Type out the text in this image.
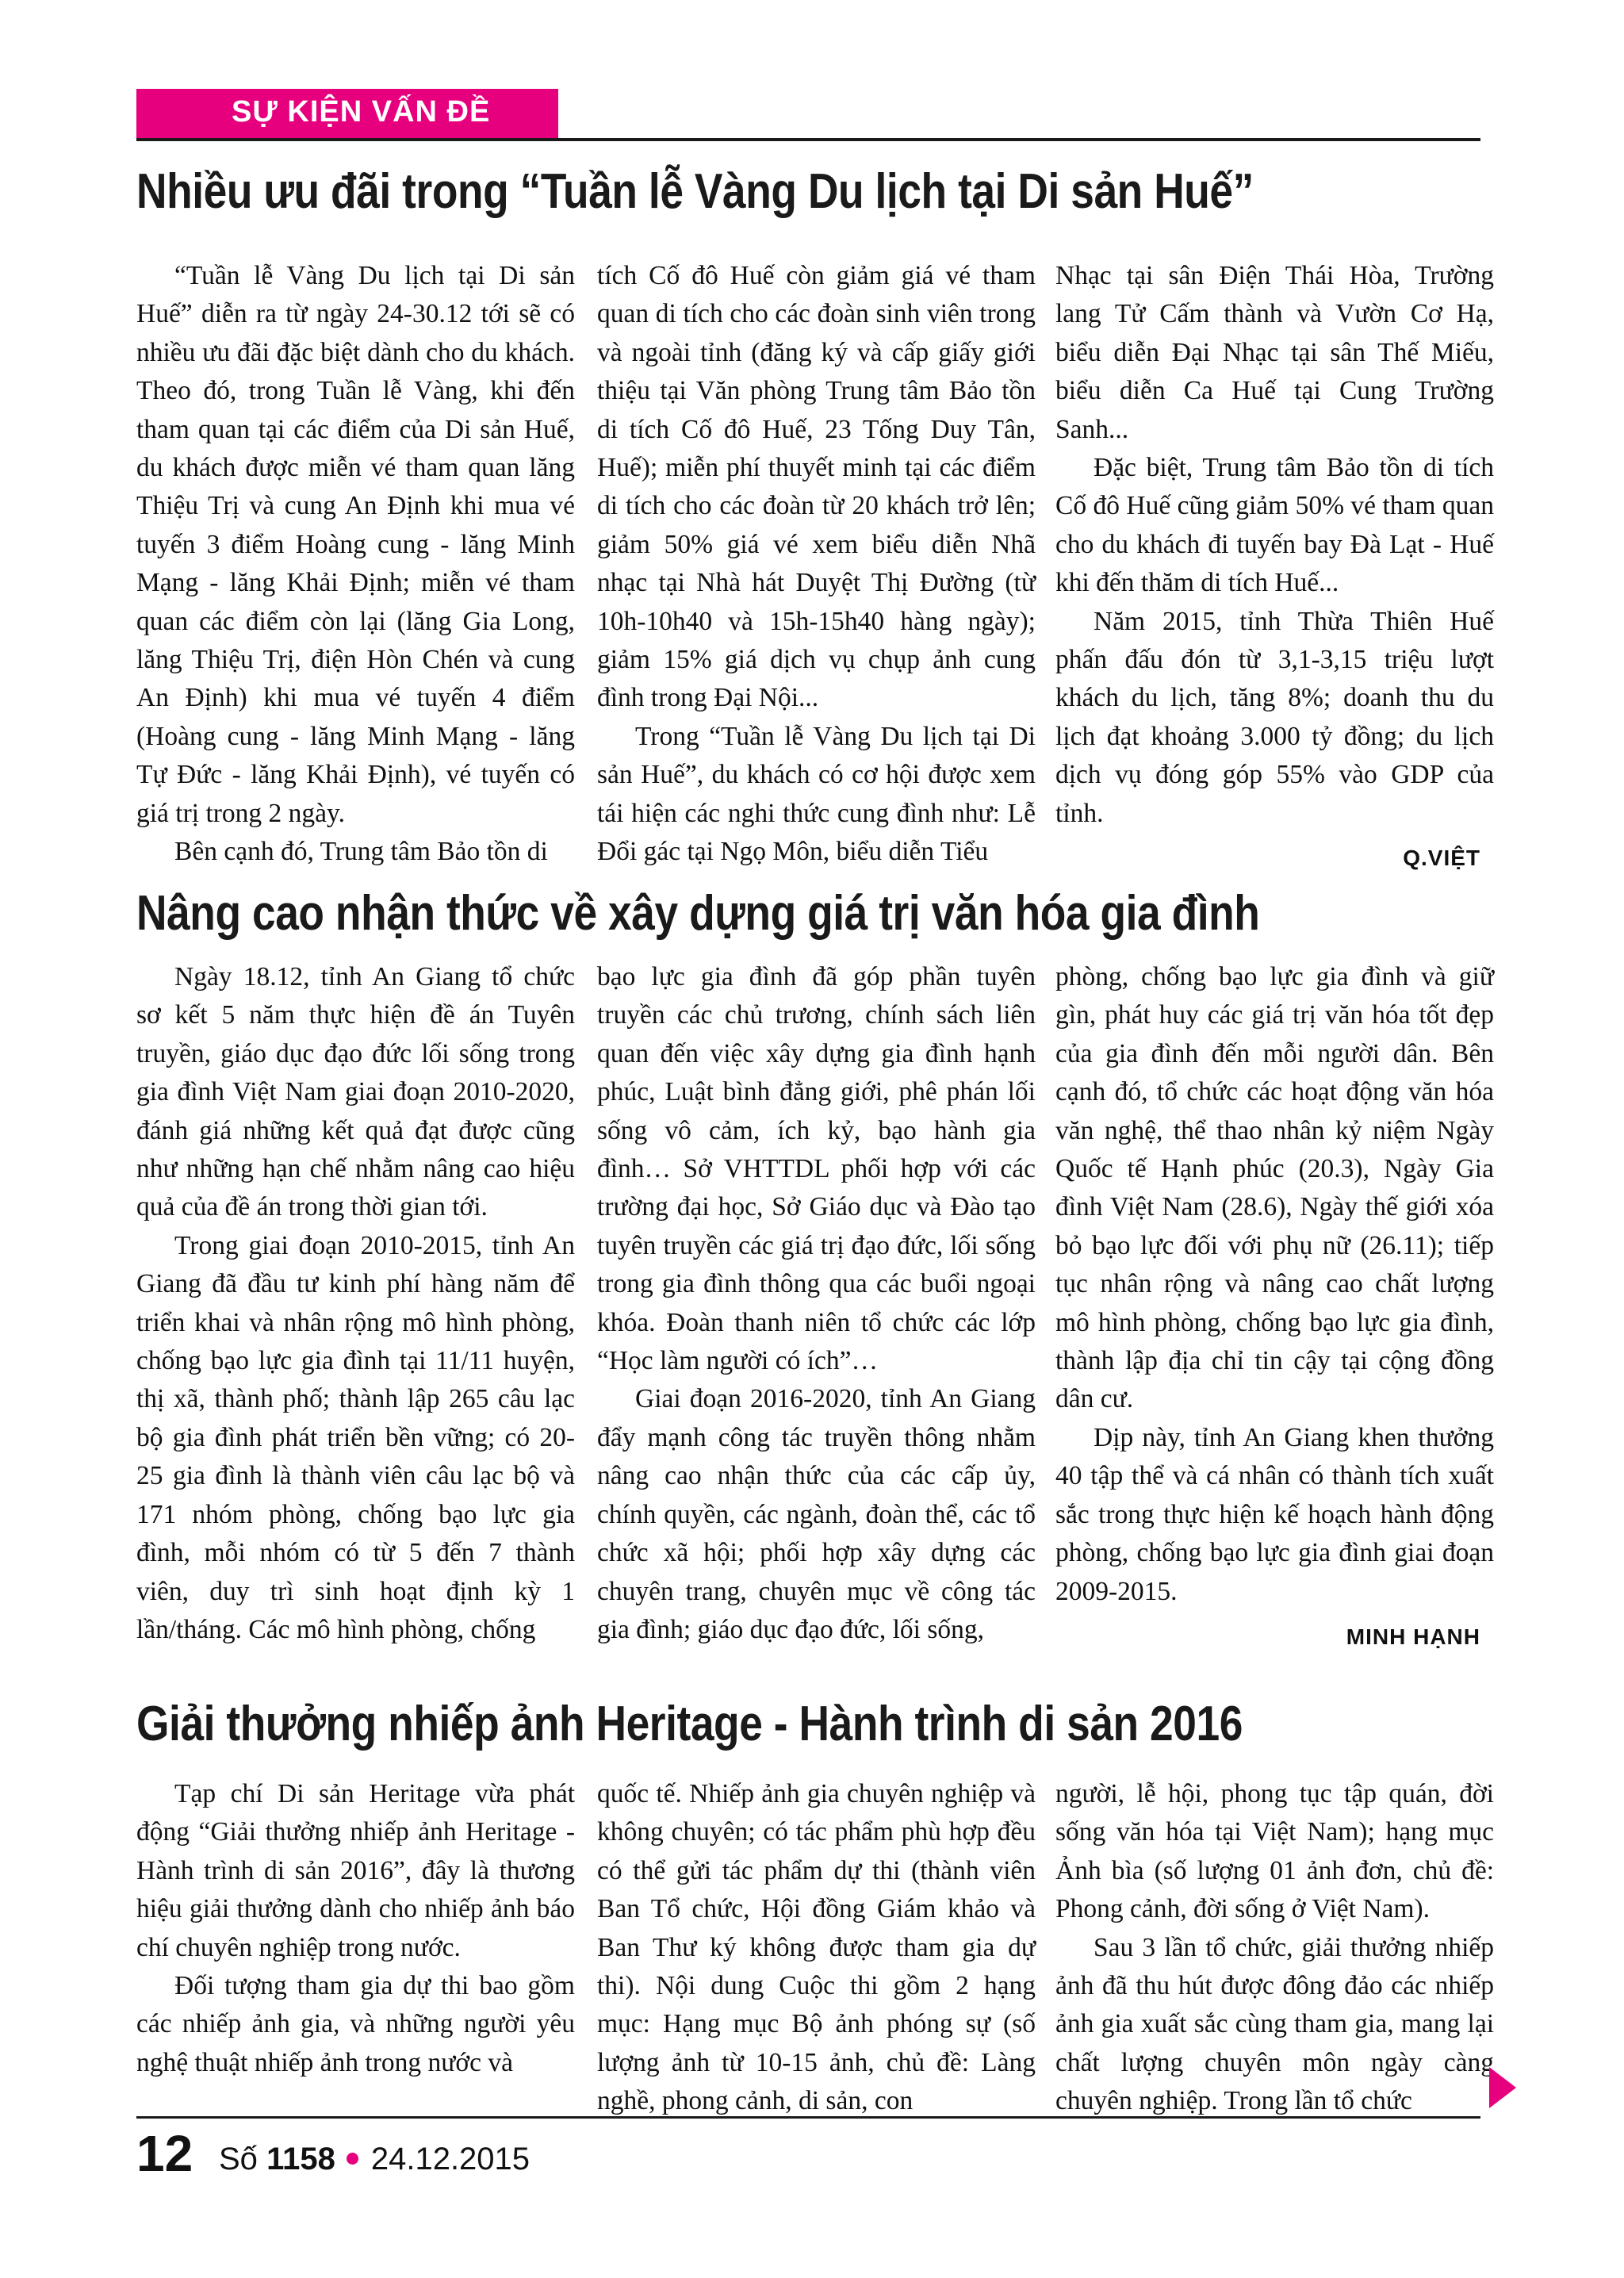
SỰ KIỆN VẤN ĐỀ
Nhiều ưu đãi trong “Tuần lễ Vàng Du lịch tại Di sản Huế”

“Tuần lễ Vàng Du lịch tại Di sản Huế” diễn ra từ ngày 24-30.12 tới sẽ có nhiều ưu đãi đặc biệt dành cho du khách. Theo đó, trong Tuần lễ Vàng, khi đến tham quan tại các điểm của Di sản Huế, du khách được miễn vé tham quan lăng Thiệu Trị và cung An Định khi mua vé tuyến 3 điểm Hoàng cung - lăng Minh Mạng - lăng Khải Định; miễn vé tham quan các điểm còn lại (lăng Gia Long, lăng Thiệu Trị, điện Hòn Chén và cung An Định) khi mua vé tuyến 4 điểm (Hoàng cung - lăng Minh Mạng - lăng Tự Đức - lăng Khải Định), vé tuyến có giá trị trong 2 ngày.

Bên cạnh đó, Trung tâm Bảo tồn di

tích Cố đô Huế còn giảm giá vé tham quan di tích cho các đoàn sinh viên trong và ngoài tỉnh (đăng ký và cấp giấy giới thiệu tại Văn phòng Trung tâm Bảo tồn di tích Cố đô Huế, 23 Tống Duy Tân, Huế); miễn phí thuyết minh tại các điểm di tích cho các đoàn từ 20 khách trở lên; giảm 50% giá vé xem biểu diễn Nhã nhạc tại Nhà hát Duyệt Thị Đường (từ 10h-10h40 và 15h-15h40 hàng ngày); giảm 15% giá dịch vụ chụp ảnh cung đình trong Đại Nội...

Trong “Tuần lễ Vàng Du lịch tại Di sản Huế”, du khách có cơ hội được xem tái hiện các nghi thức cung đình như: Lễ Đổi gác tại Ngọ Môn, biểu diễn Tiểu

Nhạc tại sân Điện Thái Hòa, Trường lang Tử Cấm thành và Vườn Cơ Hạ, biểu diễn Đại Nhạc tại sân Thế Miếu, biểu diễn Ca Huế tại Cung Trường Sanh...

Đặc biệt, Trung tâm Bảo tồn di tích Cố đô Huế cũng giảm 50% vé tham quan cho du khách đi tuyến bay Đà Lạt - Huế khi đến thăm di tích Huế...

Năm 2015, tỉnh Thừa Thiên Huế phấn đấu đón từ 3,1-3,15 triệu lượt khách du lịch, tăng 8%; doanh thu du lịch đạt khoảng 3.000 tỷ đồng; du lịch dịch vụ đóng góp 55% vào GDP của tỉnh.

Q.VIỆT
Nâng cao nhận thức về xây dựng giá trị văn hóa gia đình

Ngày 18.12, tỉnh An Giang tổ chức sơ kết 5 năm thực hiện đề án Tuyên truyền, giáo dục đạo đức lối sống trong gia đình Việt Nam giai đoạn 2010-2020, đánh giá những kết quả đạt được cũng như những hạn chế nhằm nâng cao hiệu quả của đề án trong thời gian tới.

Trong giai đoạn 2010-2015, tỉnh An Giang đã đầu tư kinh phí hàng năm để triển khai và nhân rộng mô hình phòng, chống bạo lực gia đình tại 11/11 huyện, thị xã, thành phố; thành lập 265 câu lạc bộ gia đình phát triển bền vững; có 20-25 gia đình là thành viên câu lạc bộ và 171 nhóm phòng, chống bạo lực gia đình, mỗi nhóm có từ 5 đến 7 thành viên, duy trì sinh hoạt định kỳ 1 lần/tháng. Các mô hình phòng, chống

bạo lực gia đình đã góp phần tuyên truyền các chủ trương, chính sách liên quan đến việc xây dựng gia đình hạnh phúc, Luật bình đẳng giới, phê phán lối sống vô cảm, ích kỷ, bạo hành gia đình… Sở VHTTDL phối hợp với các trường đại học, Sở Giáo dục và Đào tạo tuyên truyền các giá trị đạo đức, lối sống trong gia đình thông qua các buổi ngoại khóa. Đoàn thanh niên tổ chức các lớp “Học làm người có ích”…

Giai đoạn 2016-2020, tỉnh An Giang đẩy mạnh công tác truyền thông nhằm nâng cao nhận thức của các cấp ủy, chính quyền, các ngành, đoàn thể, các tổ chức xã hội; phối hợp xây dựng các chuyên trang, chuyên mục về công tác gia đình; giáo dục đạo đức, lối sống,

phòng, chống bạo lực gia đình và giữ gìn, phát huy các giá trị văn hóa tốt đẹp của gia đình đến mỗi người dân. Bên cạnh đó, tổ chức các hoạt động văn hóa văn nghệ, thể thao nhân kỷ niệm Ngày Quốc tế Hạnh phúc (20.3), Ngày Gia đình Việt Nam (28.6), Ngày thế giới xóa bỏ bạo lực đối với phụ nữ (26.11); tiếp tục nhân rộng và nâng cao chất lượng mô hình phòng, chống bạo lực gia đình, thành lập địa chỉ tin cậy tại cộng đồng dân cư.

Dịp này, tỉnh An Giang khen thưởng 40 tập thể và cá nhân có thành tích xuất sắc trong thực hiện kế hoạch hành động phòng, chống bạo lực gia đình giai đoạn 2009-2015.

MINH HẠNH
Giải thưởng nhiếp ảnh Heritage - Hành trình di sản 2016

Tạp chí Di sản Heritage vừa phát động “Giải thưởng nhiếp ảnh Heritage - Hành trình di sản 2016”, đây là thương hiệu giải thưởng dành cho nhiếp ảnh báo chí chuyên nghiệp trong nước.

Đối tượng tham gia dự thi bao gồm các nhiếp ảnh gia, và những người yêu nghệ thuật nhiếp ảnh trong nước và

quốc tế. Nhiếp ảnh gia chuyên nghiệp và không chuyên; có tác phẩm phù hợp đều có thể gửi tác phẩm dự thi (thành viên Ban Tổ chức, Hội đồng Giám khảo và Ban Thư ký không được tham gia dự thi). Nội dung Cuộc thi gồm 2 hạng mục: Hạng mục Bộ ảnh phóng sự (số lượng ảnh từ 10-15 ảnh, chủ đề: Làng nghề, phong cảnh, di sản, con

người, lễ hội, phong tục tập quán, đời sống văn hóa tại Việt Nam); hạng mục Ảnh bìa (số lượng 01 ảnh đơn, chủ đề: Phong cảnh, đời sống ở Việt Nam).

Sau 3 lần tổ chức, giải thưởng nhiếp ảnh đã thu hút được đông đảo các nhiếp ảnh gia xuất sắc cùng tham gia, mang lại chất lượng chuyên môn ngày càng chuyên nghiệp. Trong lần tổ chức

12 Số 1158 24.12.2015
